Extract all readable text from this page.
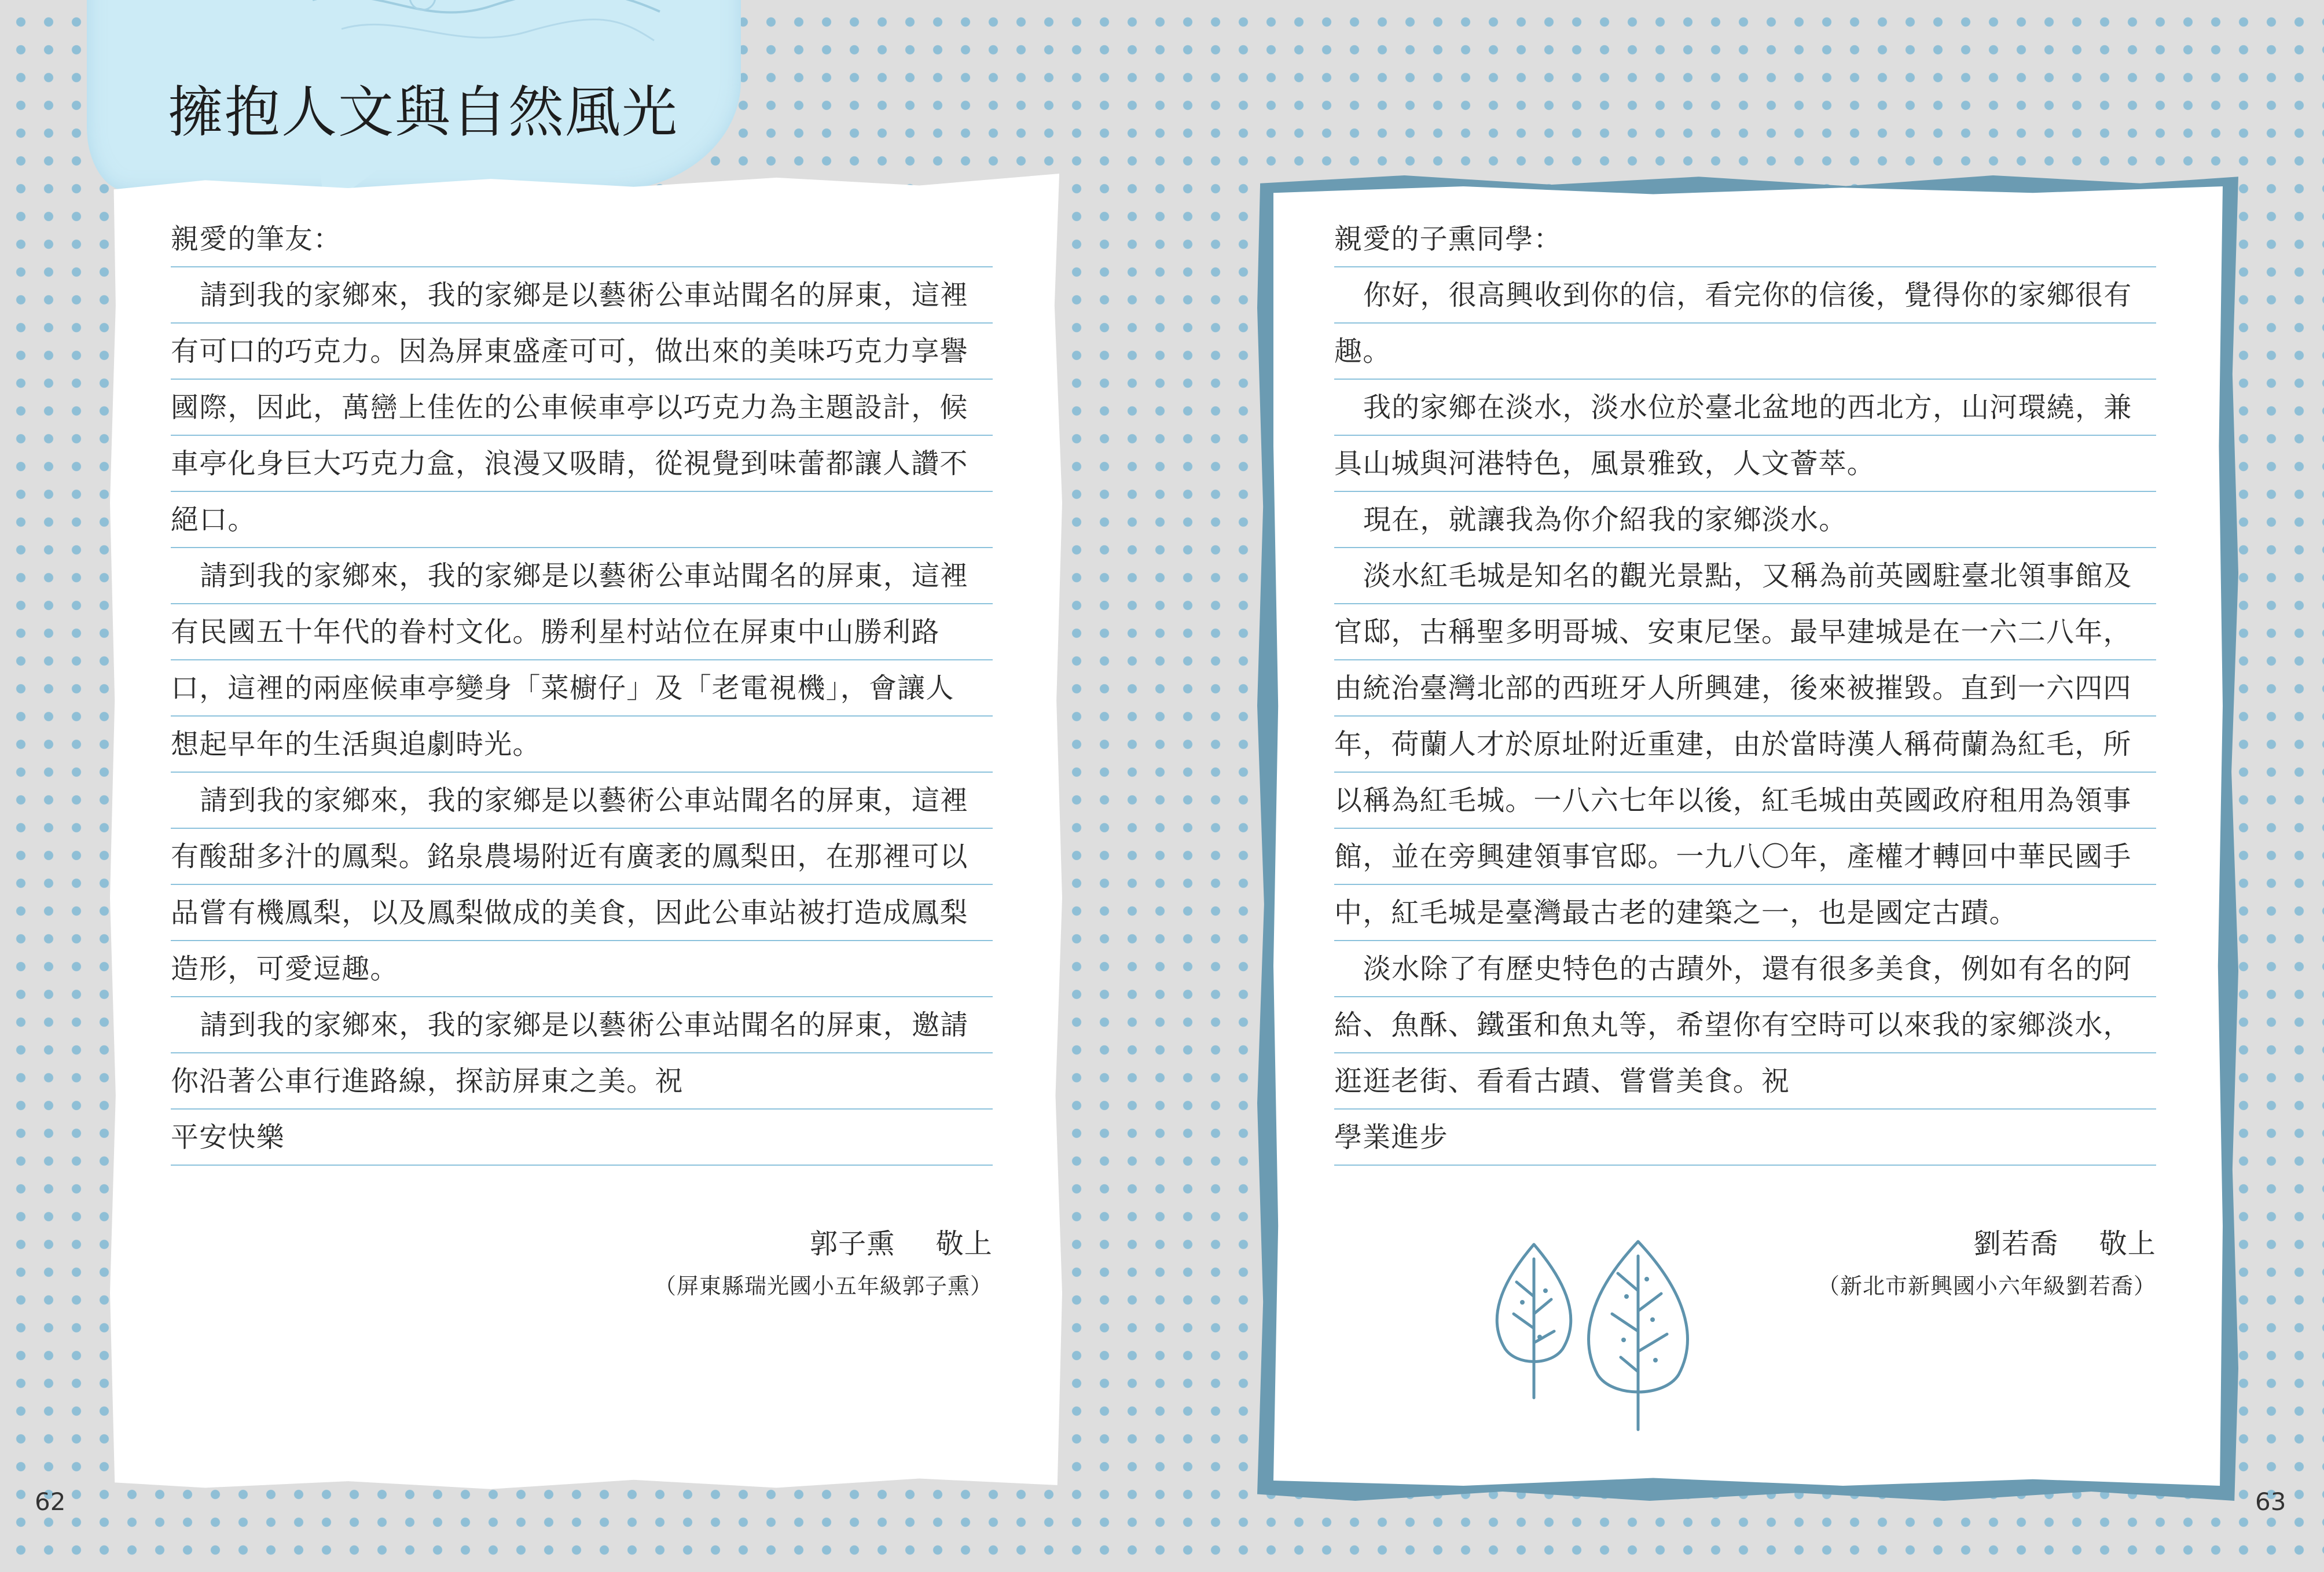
擁抱人文與自然風光
親愛的筆友：
請到我的家鄉來，我的家鄉是以藝術公車站聞名的屏東，這裡
有可口的巧克力。因為屏東盛產可可，做出來的美味巧克力享譽
國際，因此，萬巒上佳佐的公車候車亭以巧克力為主題設計，候
車亭化身巨大巧克力盒，浪漫又吸睛，從視覺到味蕾都讓人讚不
絕口。
請到我的家鄉來，我的家鄉是以藝術公車站聞名的屏東，這裡
有民國五十年代的眷村文化。勝利星村站位在屏東中山勝利路
口，這裡的兩座候車亭變身「菜櫥仔」及「老電視機」，會讓人
想起早年的生活與追劇時光。
請到我的家鄉來，我的家鄉是以藝術公車站聞名的屏東，這裡
有酸甜多汁的鳳梨。銘泉農場附近有廣袤的鳳梨田，在那裡可以
品嘗有機鳳梨，以及鳳梨做成的美食，因此公車站被打造成鳳梨
造形，可愛逗趣。
請到我的家鄉來，我的家鄉是以藝術公車站聞名的屏東，邀請
你沿著公車行進路線，探訪屏東之美。祝
平安快樂
郭子熏 敬上
（屏東縣瑞光國小五年級郭子熏）
親愛的子熏同學：
你好，很高興收到你的信，看完你的信後，覺得你的家鄉很有
趣。
我的家鄉在淡水，淡水位於臺北盆地的西北方，山河環繞，兼
具山城與河港特色，風景雅致，人文薈萃。
現在，就讓我為你介紹我的家鄉淡水。
淡水紅毛城是知名的觀光景點，又稱為前英國駐臺北領事館及
官邸，古稱聖多明哥城、安東尼堡。最早建城是在一六二八年，
由統治臺灣北部的西班牙人所興建，後來被摧毀。直到一六四四
年，荷蘭人才於原址附近重建，由於當時漢人稱荷蘭為紅毛，所
以稱為紅毛城。一八六七年以後，紅毛城由英國政府租用為領事
館，並在旁興建領事官邸。一九八〇年，產權才轉回中華民國手
中，紅毛城是臺灣最古老的建築之一，也是國定古蹟。
淡水除了有歷史特色的古蹟外，還有很多美食，例如有名的阿
給、魚酥、鐵蛋和魚丸等，希望你有空時可以來我的家鄉淡水，
逛逛老街、看看古蹟、嘗嘗美食。祝
學業進步
劉若喬 敬上
（新北市新興國小六年級劉若喬）
62	63
